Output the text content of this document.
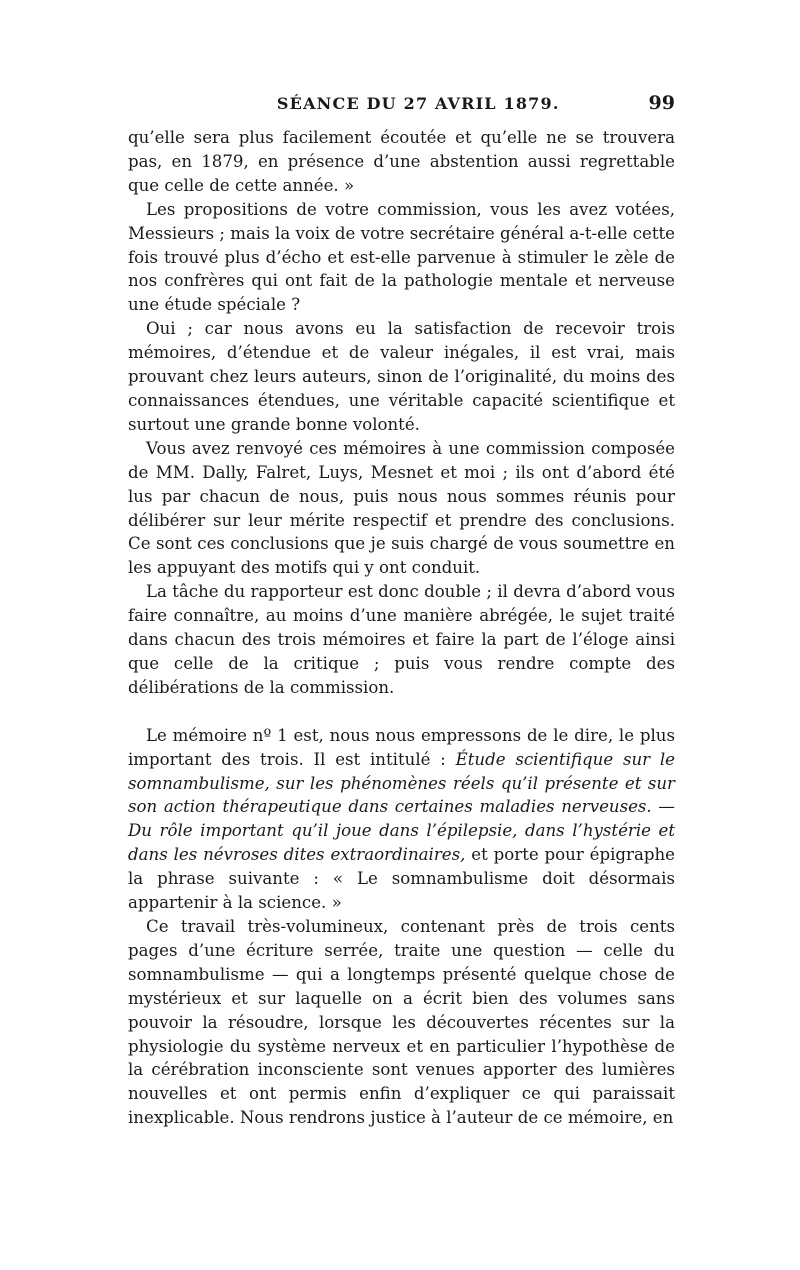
SÉANCE DU 27 AVRIL 1879.	99

qu’elle sera plus facilement écoutée et qu’elle ne se trouvera pas, en 1879, en présence d’une abstention aussi regrettable que celle de cette année. »

Les propositions de votre commission, vous les avez votées, Messieurs ; mais la voix de votre secrétaire général a-t-elle cette fois trouvé plus d’écho et est-elle parvenue à stimuler le zèle de nos confrères qui ont fait de la pathologie mentale et nerveuse une étude spéciale ?

Oui ; car nous avons eu la satisfaction de recevoir trois mémoires, d’étendue et de valeur inégales, il est vrai, mais prouvant chez leurs auteurs, sinon de l’originalité, du moins des connaissances étendues, une véritable capacité scientifique et surtout une grande bonne volonté.

Vous avez renvoyé ces mémoires à une commission composée de MM. Dally, Falret, Luys, Mesnet et moi ; ils ont d’abord été lus par chacun de nous, puis nous nous sommes réunis pour délibérer sur leur mérite respectif et prendre des conclusions. Ce sont ces conclusions que je suis chargé de vous soumettre en les appuyant des motifs qui y ont conduit.

La tâche du rapporteur est donc double ; il devra d’abord vous faire connaître, au moins d’une manière abrégée, le sujet traité dans chacun des trois mémoires et faire la part de l’éloge ainsi que celle de la critique ; puis vous rendre compte des délibérations de la commission.

Le mémoire nº 1 est, nous nous empressons de le dire, le plus important des trois. Il est intitulé : Étude scientifique sur le somnambulisme, sur les phénomènes réels qu’il présente et sur son action thérapeutique dans certaines maladies nerveuses. — Du rôle important qu’il joue dans l’épilepsie, dans l’hystérie et dans les névroses dites extraordinaires, et porte pour épigraphe la phrase suivante : « Le somnambulisme doit désormais appartenir à la science. »

Ce travail très-volumineux, contenant près de trois cents pages d’une écriture serrée, traite une question — celle du somnambulisme — qui a longtemps présenté quelque chose de mystérieux et sur laquelle on a écrit bien des volumes sans pouvoir la résoudre, lorsque les découvertes récentes sur la physiologie du système nerveux et en particulier l’hypothèse de la cérébration inconsciente sont venues apporter des lumières nouvelles et ont permis enfin d’expliquer ce qui paraissait inexplicable. Nous rendrons justice à l’auteur de ce mémoire, en
